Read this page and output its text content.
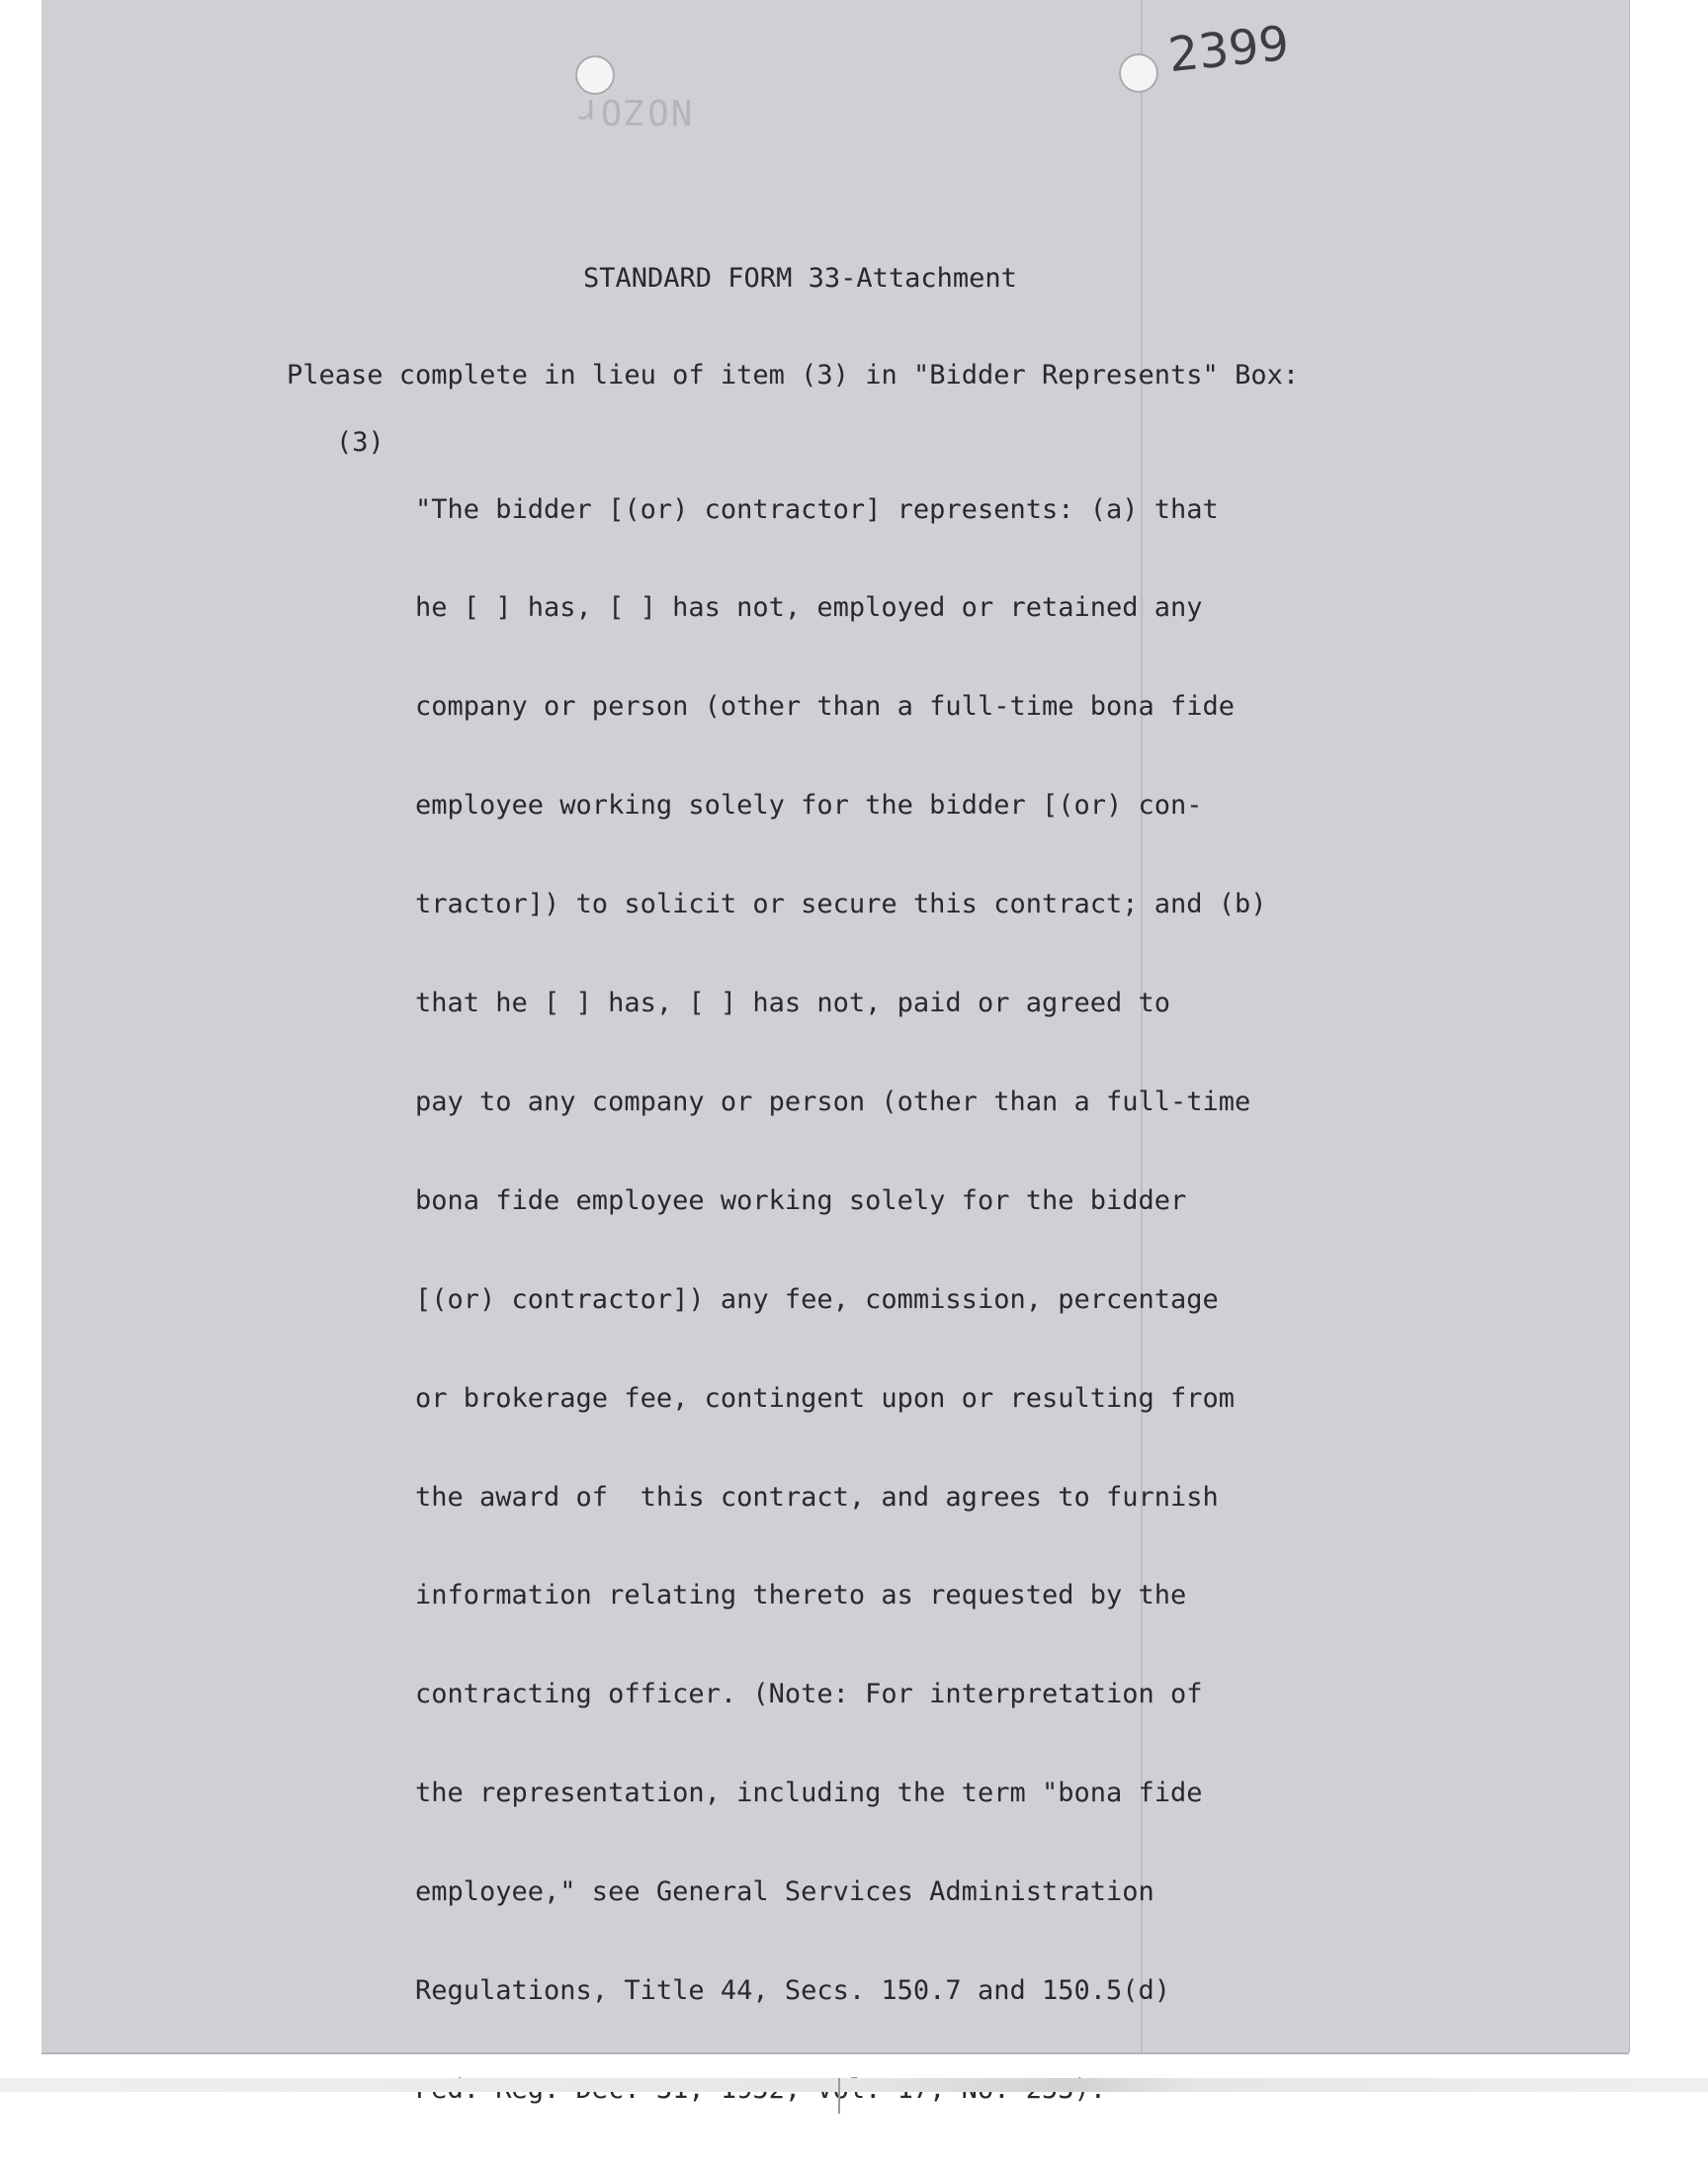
NOZOr
2399
STANDARD FORM 33-Attachment
Please complete in lieu of item (3) in "Bidder Represents" Box:
(3)

"The bidder [(or) contractor] represents: (a) that

he [ ] has, [ ] has not, employed or retained any

company or person (other than a full-time bona fide

employee working solely for the bidder [(or) con-

tractor]) to solicit or secure this contract; and (b)

that he [ ] has, [ ] has not, paid or agreed to

pay to any company or person (other than a full-time

bona fide employee working solely for the bidder

[(or) contractor]) any fee, commission, percentage

or brokerage fee, contingent upon or resulting from

the award of  this contract, and agrees to furnish

information relating thereto as requested by the

contracting officer. (Note: For interpretation of

the representation, including the term "bona fide

employee," see General Services Administration

Regulations, Title 44, Secs. 150.7 and 150.5(d)
